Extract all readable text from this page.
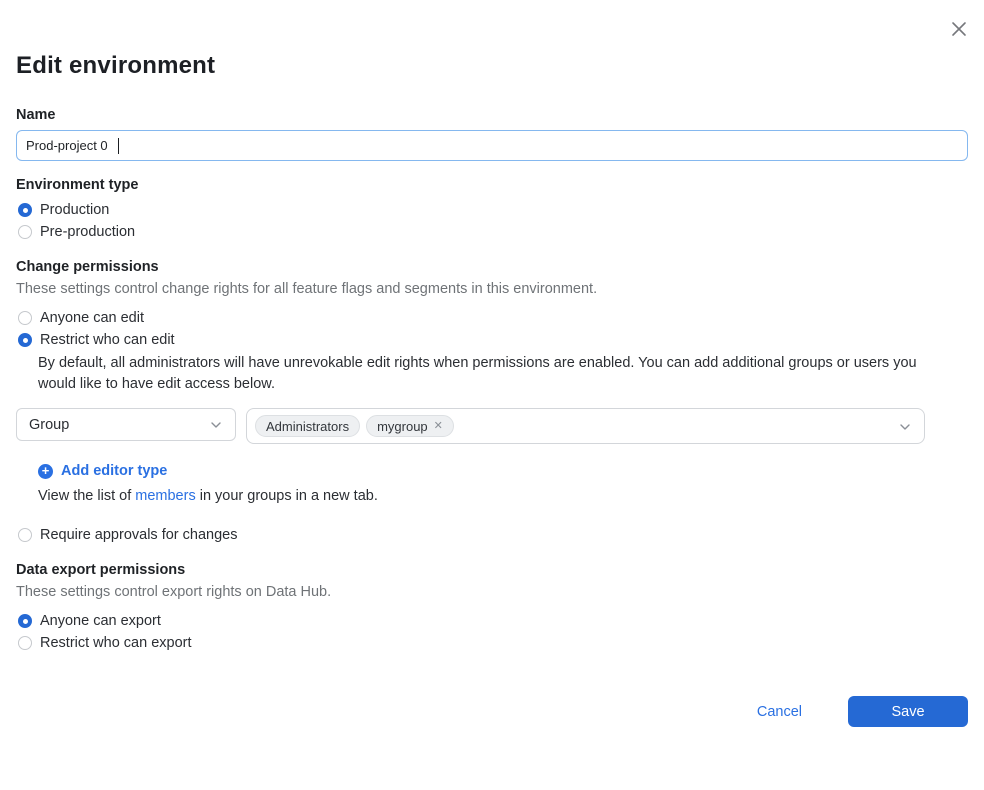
Edit environment
Name
Prod-project 0
Environment type
Production
Pre-production
Change permissions
These settings control change rights for all feature flags and segments in this environment.
Anyone can edit
Restrict who can edit
By default, all administrators will have unrevokable edit rights when permissions are enabled. You can add additional groups or users you would like to have edit access below.
Group	Administrators mygroup ✕
+ Add editor type
View the list of members in your groups in a new tab.
Require approvals for changes
Data export permissions
These settings control export rights on Data Hub.
Anyone can export
Restrict who can export
Cancel	Save
